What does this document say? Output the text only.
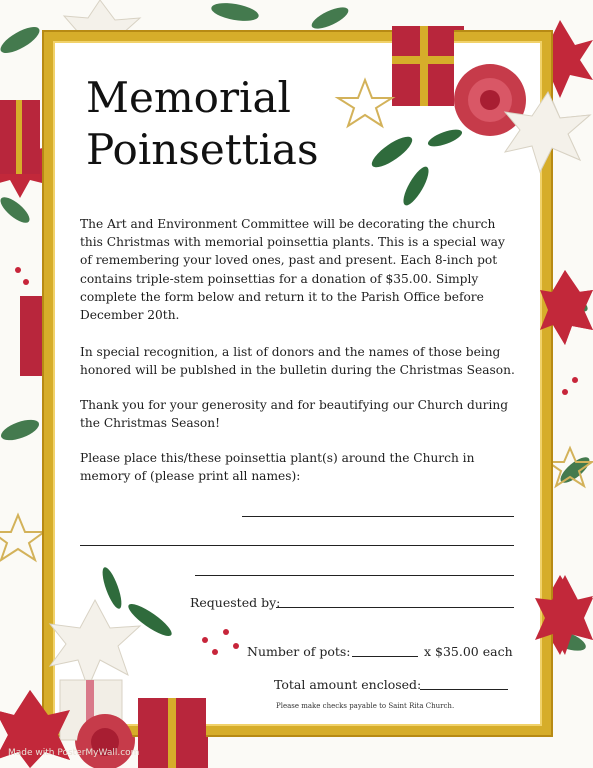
Memorial
Poinsettias

The Art and Environment Committee will be decorating the church this Christmas with memorial poinsettia plants. This is a special way of remembering your loved ones, past and present. Each 8-inch pot contains triple-stem poinsettias for a donation of $35.00. Simply complete the form below and return it to the Parish Office before December 20th.

In special recognition, a list of donors and the names of those being honored will be publshed in the bulletin during the Christmas Season.

Thank you for your generosity and for beautifying our Church during the Christmas Season!

Please place this/these poinsettia plant(s) around the Church in memory of (please print all names):

Requested by:
Number of pots:	x $35.00 each
Total amount enclosed:
Please make checks payable to Saint Rita Church.
Made with PosterMyWall.com
